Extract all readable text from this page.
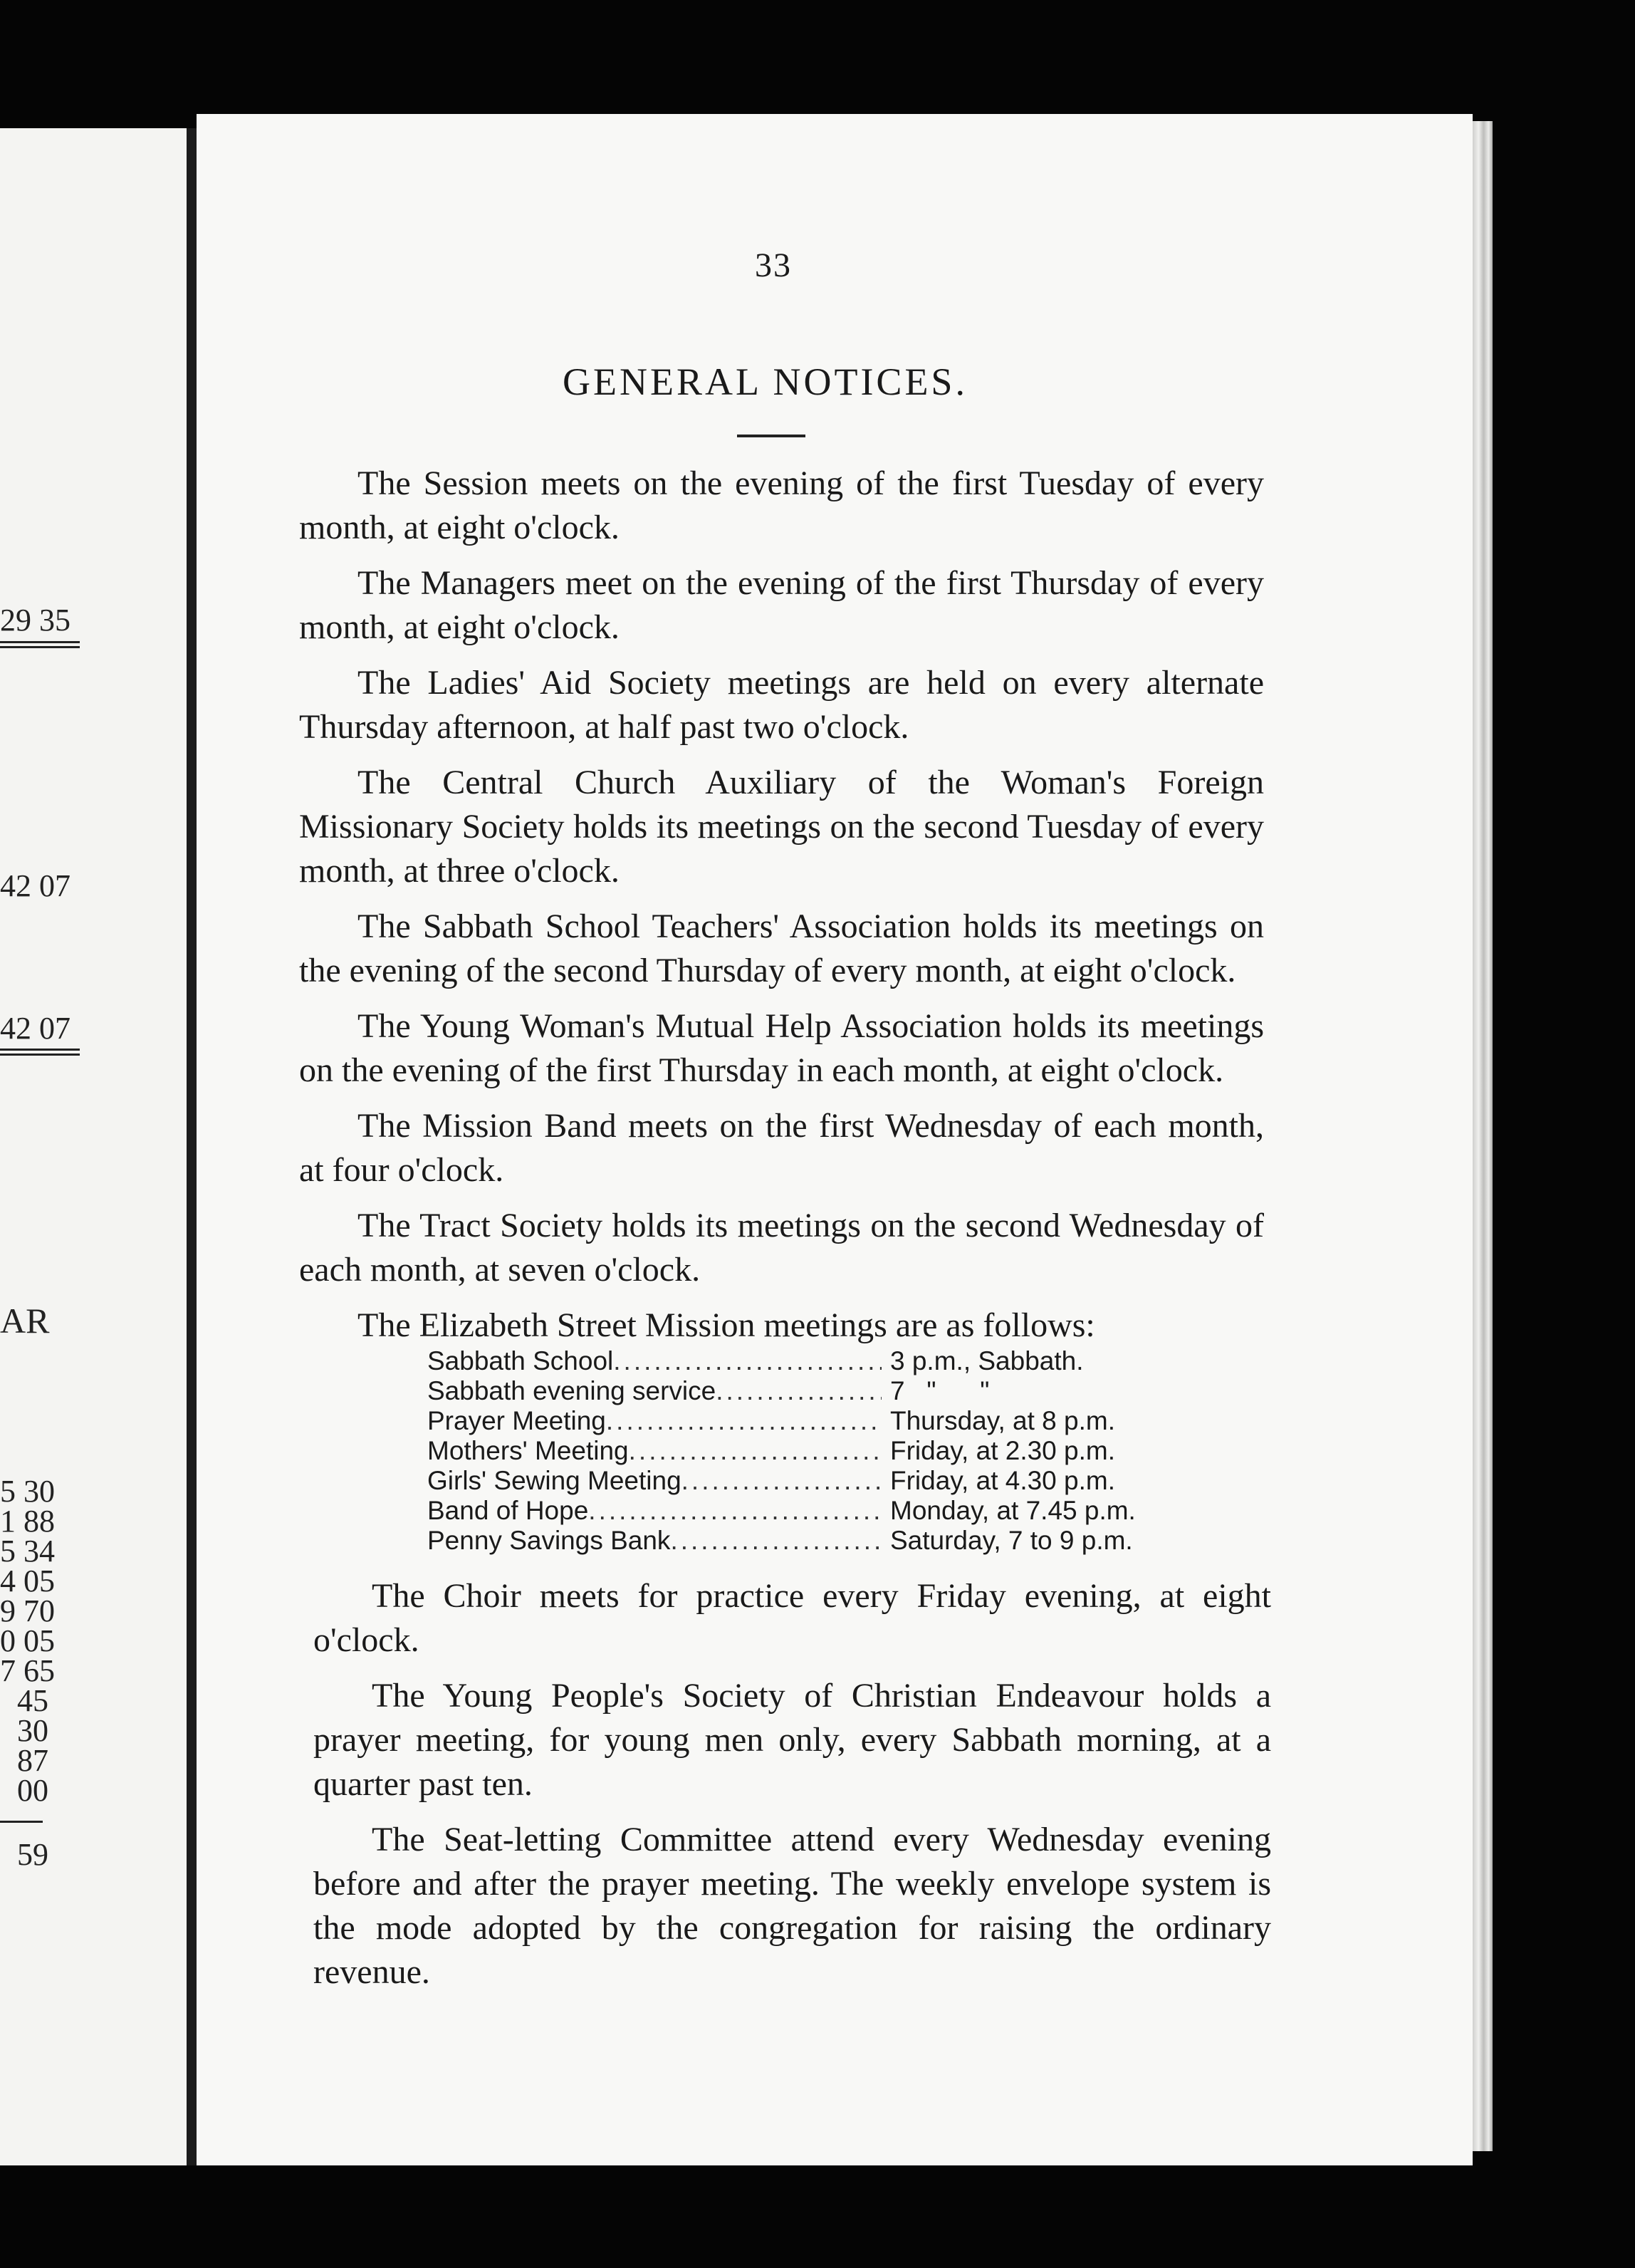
29 35
42 07
42 07
AR
5 30
1 88
5 34
4 05
9 70
0 05
7 65
45
30
87
00
59
33
GENERAL NOTICES.

The Session meets on the evening of the first Tuesday of every month, at eight o'clock.

The Managers meet on the evening of the first Thursday of every month, at eight o'clock.

The Ladies' Aid Society meetings are held on every alternate Thursday afternoon, at half past two o'clock.

The Central Church Auxiliary of the Woman's Foreign Missionary Society holds its meetings on the second Tuesday of every month, at three o'clock.

The Sabbath School Teachers' Association holds its meetings on the evening of the second Thursday of every month, at eight o'clock.

The Young Woman's Mutual Help Association holds its meetings on the evening of the first Thursday in each month, at eight o'clock.

The Mission Band meets on the first Wednesday of each month, at four o'clock.

The Tract Society holds its meetings on the second Wednesday of each month, at seven o'clock.

The Elizabeth Street Mission meetings are as follows:

Sabbath School .....	3 p.m., Sabbath.
Sabbath evening service .....	7   "      "
Prayer Meeting .....	Thursday, at 8 p.m.
Mothers' Meeting .....	Friday, at 2.30 p.m.
Girls' Sewing Meeting .....	Friday, at 4.30 p.m.
Band of Hope .....	Monday, at 7.45 p.m.
Penny Savings Bank .....	Saturday, 7 to 9 p.m.

The Choir meets for practice every Friday evening, at eight o'clock.

The Young People's Society of Christian Endeavour holds a prayer meeting, for young men only, every Sabbath morning, at a quarter past ten.

The Seat-letting Committee attend every Wednesday evening before and after the prayer meeting. The weekly envelope system is the mode adopted by the congregation for raising the ordinary revenue.
